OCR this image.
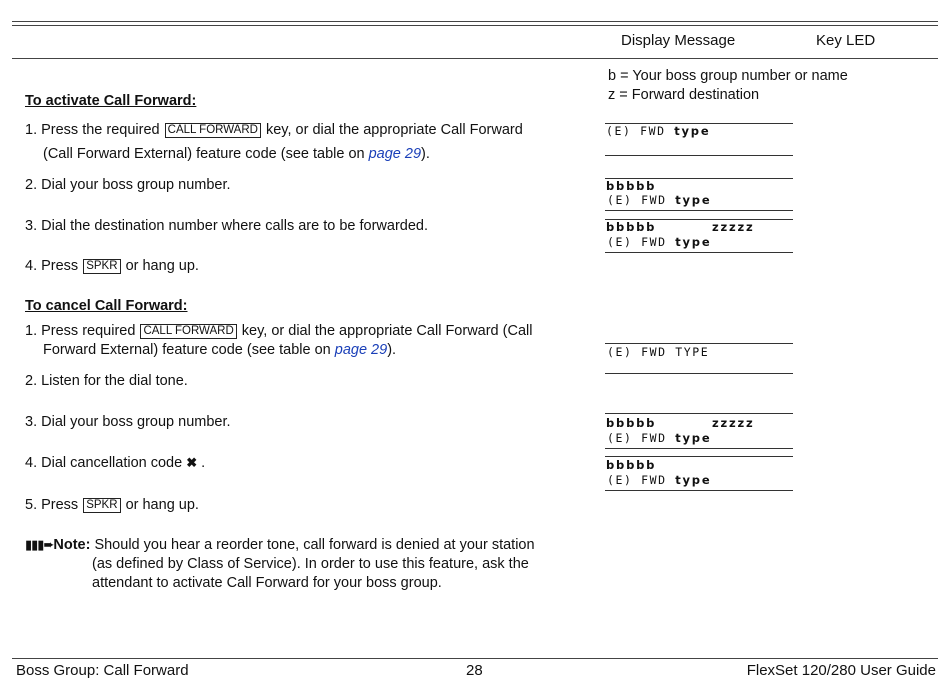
Display Message	Key LED
b = Your boss group number or name
z = Forward destination
To activate Call Forward:
1. Press the required CALL FORWARD key, or dial the appropriate Call Forward
(Call Forward External) feature code (see table on page 29).
2. Dial your boss group number.
3. Dial the destination number where calls are to be forwarded.
4. Press SPKR or hang up.
To cancel Call Forward:
1. Press required CALL FORWARD key, or dial the appropriate Call Forward (Call
Forward External) feature code (see table on page 29).
2. Listen for the dial tone.
3. Dial your boss group number.
4. Dial cancellation code ✖ .
5. Press SPKR or hang up.
(E) FWD type
bbbbb
(E) FWD type
bbbbb	zzzzz
(E) FWD type
(E) FWD TYPE
bbbbb	zzzzz
(E) FWD type
bbbbb
(E) FWD type
▮▮▮➨Note: Should you hear a reorder tone, call forward is denied at your station
(as defined by Class of Service). In order to use this feature, ask the
attendant to activate Call Forward for your boss group.
Boss Group: Call Forward	28	FlexSet 120/280 User Guide
